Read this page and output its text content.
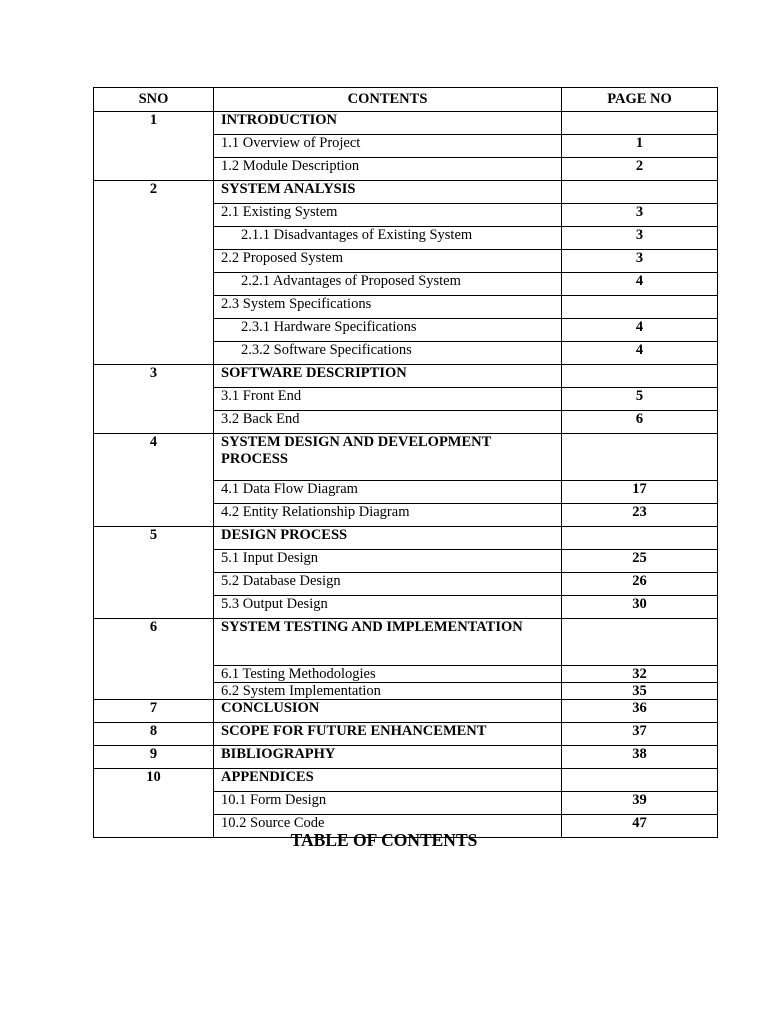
SNO	CONTENTS	PAGE NO
1	INTRODUCTION	
	1.1 Overview of Project	1
	1.2 Module Description	2
2	SYSTEM ANALYSIS	
	2.1 Existing System	3
	2.1.1 Disadvantages of Existing System	3
	2.2 Proposed System	3
	2.2.1 Advantages of Proposed System	4
	2.3 System Specifications	
	2.3.1 Hardware Specifications	4
	2.3.2 Software Specifications	4
3	SOFTWARE DESCRIPTION	
	3.1 Front End	5
	3.2 Back End	6
4	SYSTEM DESIGN AND DEVELOPMENT PROCESS	
	4.1 Data Flow Diagram	17
	4.2 Entity Relationship Diagram	23
5	DESIGN PROCESS	
	5.1 Input Design	25
	5.2 Database Design	26
	5.3 Output Design	30
6	SYSTEM TESTING AND IMPLEMENTATION	
	6.1 Testing Methodologies	32
	6.2 System Implementation	35
7	CONCLUSION	36
8	SCOPE FOR FUTURE ENHANCEMENT	37
9	BIBLIOGRAPHY	38
10	APPENDICES	
	10.1 Form Design	39
	10.2 Source Code	47
TABLE OF CONTENTS
